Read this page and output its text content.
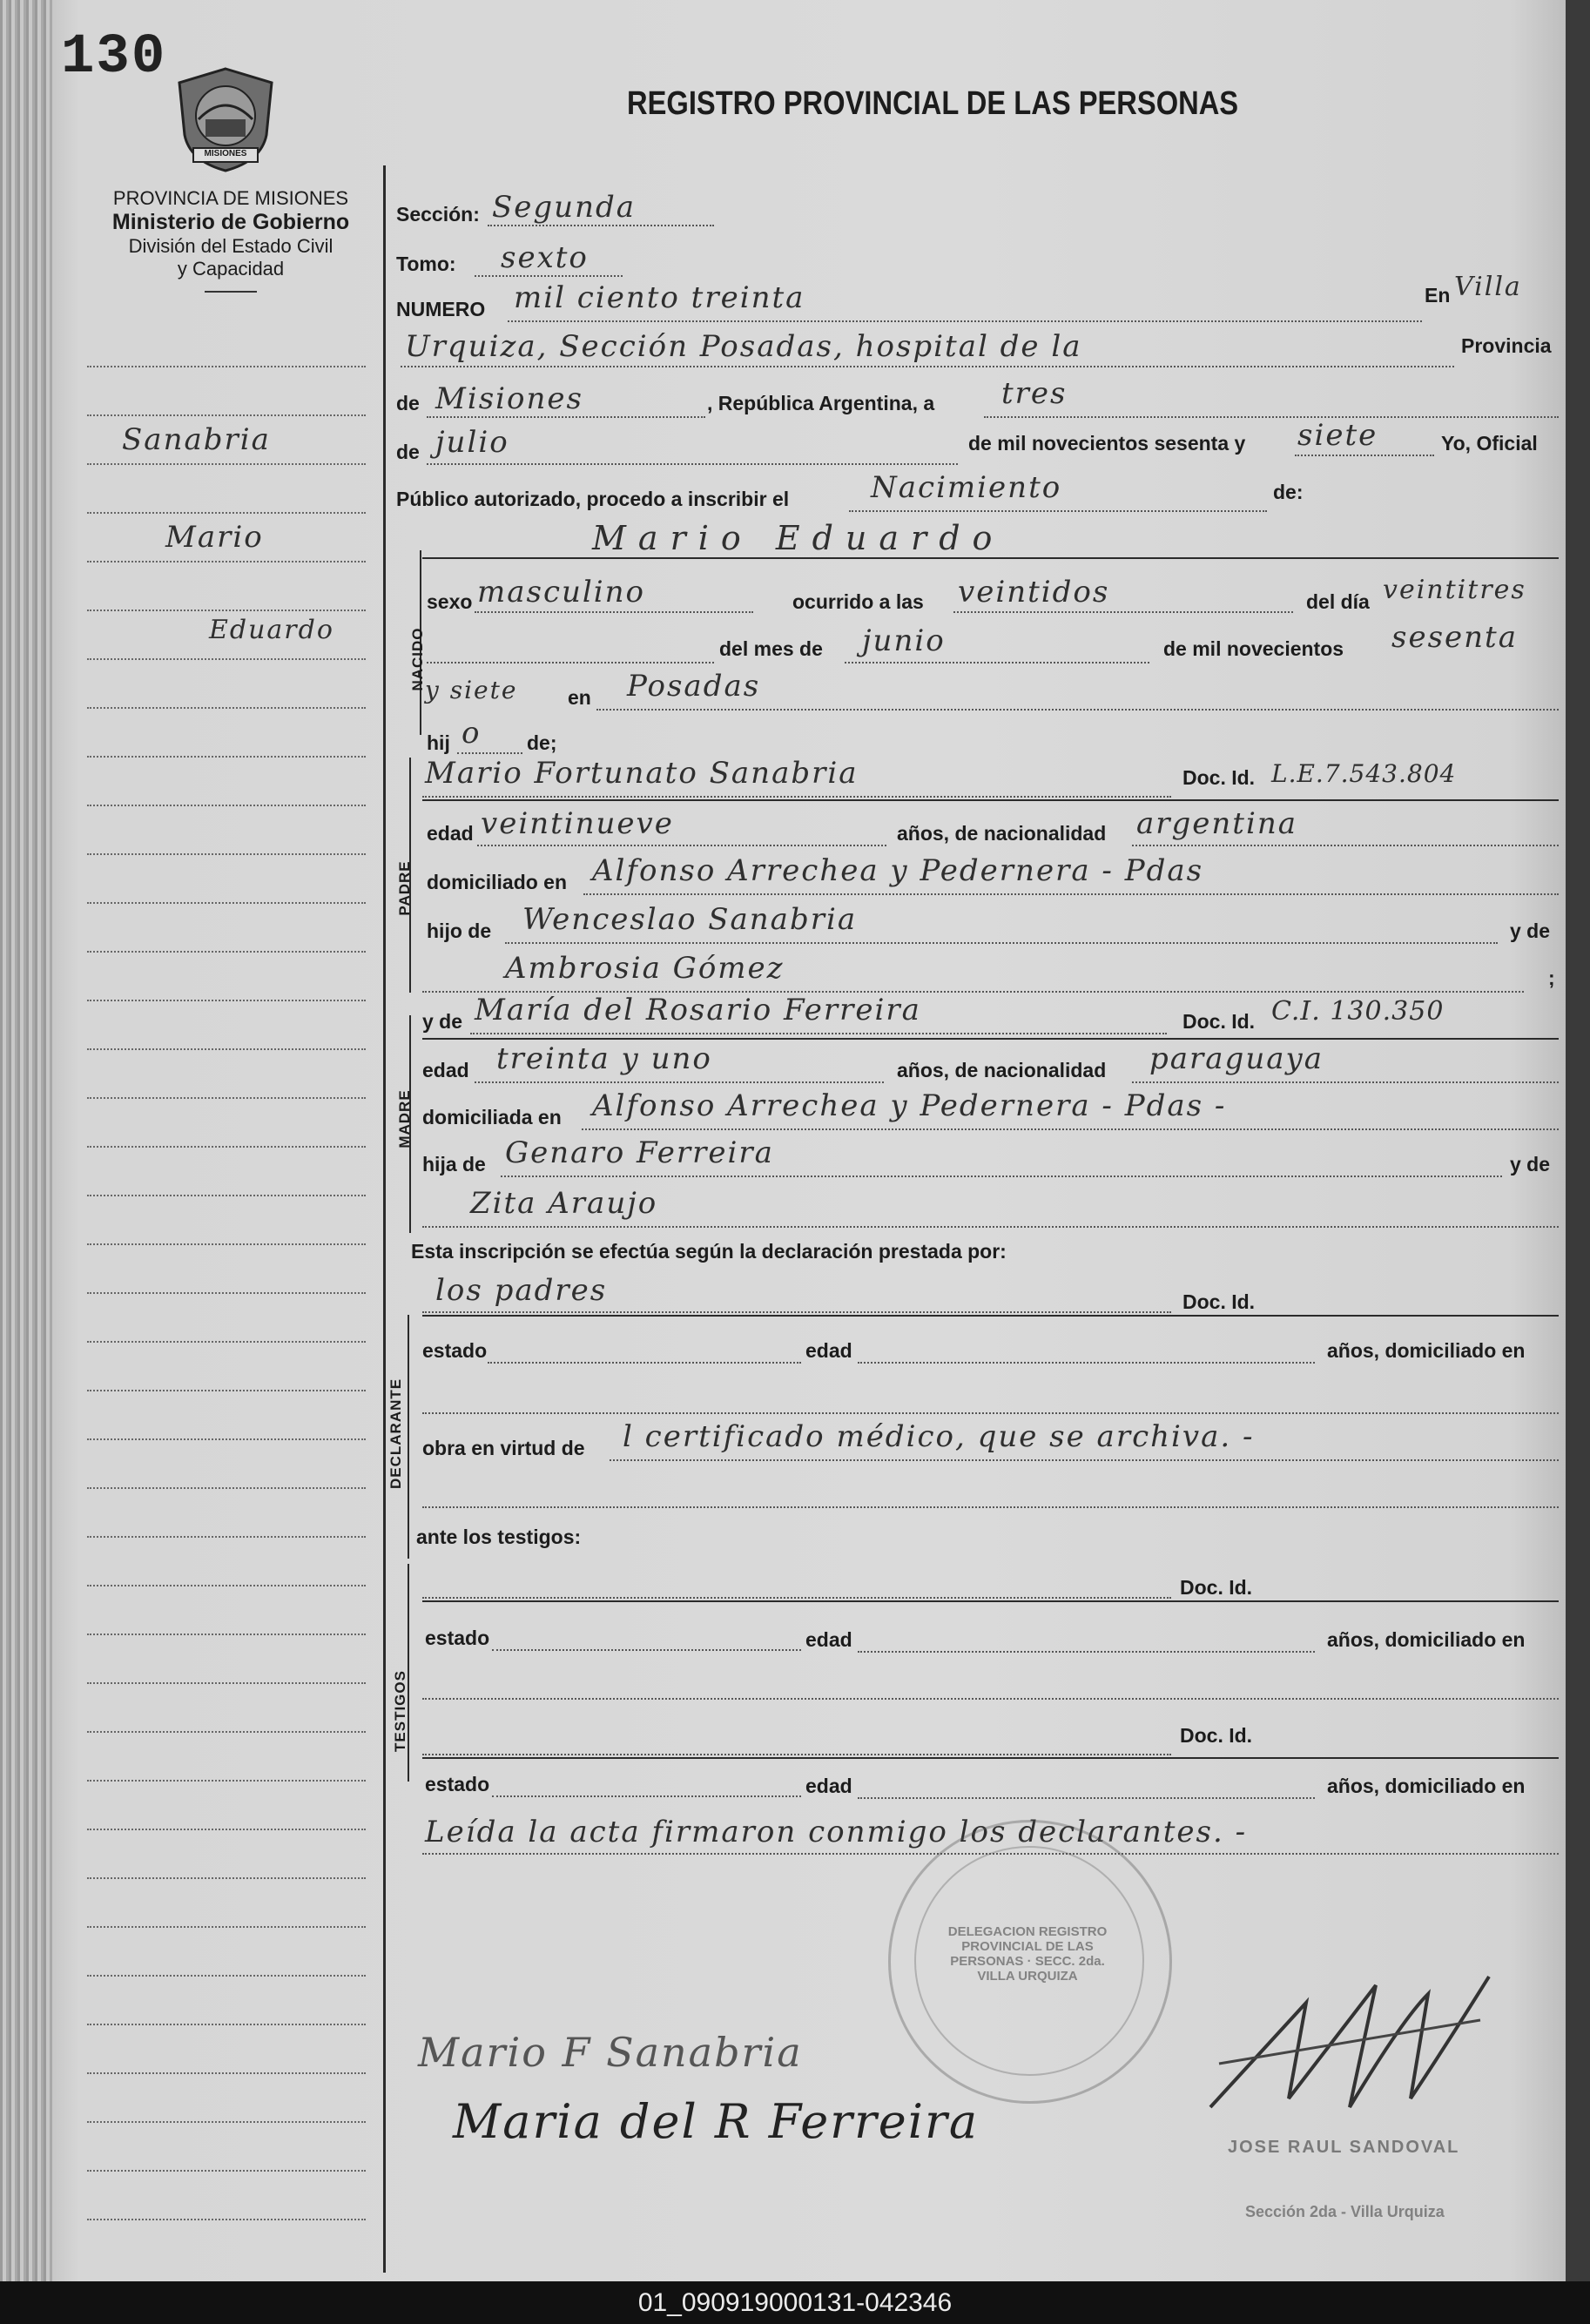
130
MISIONES
PROVINCIA DE MISIONES
Ministerio de Gobierno
División del Estado Civil
y Capacidad
REGISTRO PROVINCIAL DE LAS PERSONAS
Sanabria
Mario
Eduardo
Sección: Segunda
Tomo: sexto
NUMERO mil ciento treinta	En Villa
Urquiza, Sección Posadas, hospital de la	Provincia
de Misiones	, República Argentina, a tres
de julio	de mil novecientos sesenta y siete	Yo, Oficial
Público autorizado, procedo a inscribir el	Nacimiento	de:
Mario Eduardo
NACIDO
sexo masculino	ocurrido a las veintidos	del día veintitres
del mes de junio	de mil novecientos sesenta
y siete	en Posadas
hij o de;
PADRE
Mario Fortunato Sanabria	Doc. Id. L.E.7.543.804
edad veintinueve	años, de nacionalidad argentina
domiciliado en Alfonso Arrechea y Pedernera - Pdas
hijo de Wenceslao Sanabria	y de
Ambrosia Gómez	;
MADRE
y de María del Rosario Ferreira	Doc. Id. C.I. 130.350
edad treinta y uno	años, de nacionalidad paraguaya
domiciliada en Alfonso Arrechea y Pedernera - Pdas -
hija de Genaro Ferreira	y de
Zita Araujo
Esta inscripción se efectúa según la declaración prestada por:
los padres	Doc. Id.
DECLARANTE
estado	edad	años, domiciliado en
obra en virtud de l certificado médico, que se archiva. -
ante los testigos:
TESTIGOS
Doc. Id.
estado	edad	años, domiciliado en
Doc. Id.
estado	edad	años, domiciliado en
Leída la acta firmaron conmigo los declarantes. -
DELEGACION REGISTRO PROVINCIAL DE LAS PERSONAS · SECC. 2da. VILLA URQUIZA
Mario F Sanabria
Maria del R Ferreira	JOSE RAUL SANDOVAL
Sección 2da - Villa Urquiza
01_090919000131-042346
